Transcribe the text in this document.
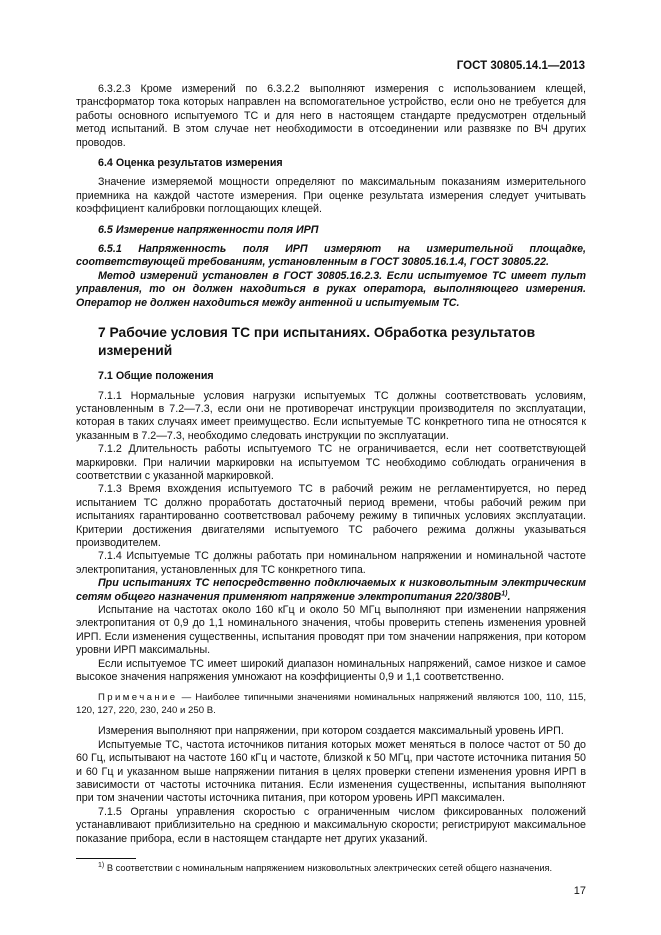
ГОСТ 30805.14.1—2013

6.3.2.3 Кроме измерений по 6.3.2.2 выполняют измерения с использованием клещей, трансформатор тока которых направлен на вспомогательное устройство, если оно не требуется для работы основного испытуемого ТС и для него в настоящем стандарте предусмотрен отдельный метод испытаний. В этом случае нет необходимости в отсоединении или развязке по ВЧ других проводов.

6.4 Оценка результатов измерения

Значение измеряемой мощности определяют по максимальным показаниям измерительного приемника на каждой частоте измерения. При оценке результата измерения следует учитывать коэффициент калибровки поглощающих клещей.

6.5 Измерение напряженности поля ИРП

6.5.1 Напряженность поля ИРП измеряют на измерительной площадке, соответствующей требованиям, установленным в ГОСТ 30805.16.1.4, ГОСТ 30805.22.

Метод измерений установлен в ГОСТ 30805.16.2.3. Если испытуемое ТС имеет пульт управления, то он должен находиться в руках оператора, выполняющего измерения. Оператор не должен находиться между антенной и испытуемым ТС.

7 Рабочие условия ТС при испытаниях. Обработка результатов измерений
7.1 Общие положения

7.1.1 Нормальные условия нагрузки испытуемых ТС должны соответствовать условиям, установленным в 7.2—7.3, если они не противоречат инструкции производителя по эксплуатации, которая в таких случаях имеет преимущество. Если испытуемые ТС конкретного типа не относятся к указанным в 7.2—7.3, необходимо следовать инструкции по эксплуатации.

7.1.2 Длительность работы испытуемого ТС не ограничивается, если нет соответствующей маркировки. При наличии маркировки на испытуемом ТС необходимо соблюдать ограничения в соответствии с указанной маркировкой.

7.1.3 Время вхождения испытуемого ТС в рабочий режим не регламентируется, но перед испытанием ТС должно проработать достаточный период времени, чтобы рабочий режим при испытаниях гарантированно соответствовал рабочему режиму в типичных условиях эксплуатации. Критерии достижения двигателями испытуемого ТС рабочего режима должны указываться производителем.

7.1.4 Испытуемые ТС должны работать при номинальном напряжении и номинальной частоте электропитания, установленных для ТС конкретного типа.

При испытаниях ТС непосредственно подключаемых к низковольтным электрическим сетям общего назначения применяют напряжение электропитания $220/380В^{1)}$.

Испытание на частотах около 160 кГц и около 50 МГц выполняют при изменении напряжения электропитания от 0,9 до 1,1 номинального значения, чтобы проверить степень изменения уровней ИРП. Если изменения существенны, испытания проводят при том значении напряжения, при котором уровни ИРП максимальны.

Если испытуемое ТС имеет широкий диапазон номинальных напряжений, самое низкое и самое высокое значения напряжения умножают на коэффициенты 0,9 и 1,1 соответственно.

Примечание — Наиболее типичными значениями номинальных напряжений являются 100, 110, 115, 120, 127, 220, 230, 240 и 250 В.

Измерения выполняют при напряжении, при котором создается максимальный уровень ИРП.

Испытуемые ТС, частота источников питания которых может меняться в полосе частот от 50 до 60 Гц, испытывают на частоте 160 кГц и частоте, близкой к 50 МГц, при частоте источника питания 50 и 60 Гц и указанном выше напряжении питания в целях проверки степени изменения уровня ИРП в зависимости от частоты источника питания. Если изменения существенны, испытания выполняют при том значении частоты источника питания, при котором уровень ИРП максимален.

7.1.5 Органы управления скоростью с ограниченным числом фиксированных положений устанавливают приблизительно на среднюю и максимальную скорости; регистрируют максимальное показание прибора, если в настоящем стандарте нет других указаний.

$^{1)}$ В соответствии с номинальным напряжением низковольтных электрических сетей общего назначения.
17
